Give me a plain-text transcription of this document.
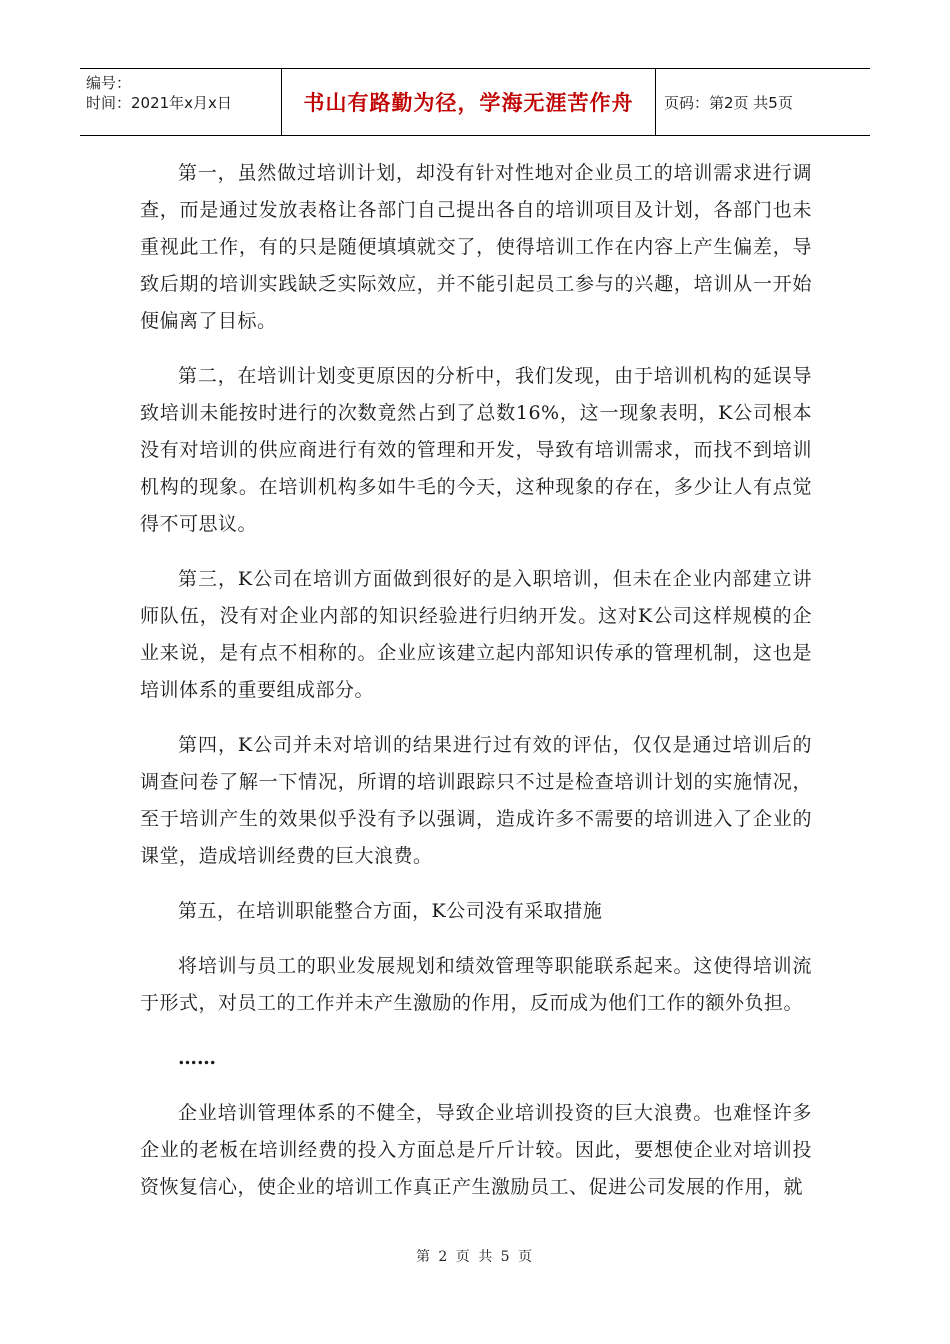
编号：
时间：2021年x月x日	书山有路勤为径，学海无涯苦作舟	页码：第2页 共5页

第一，虽然做过培训计划，却没有针对性地对企业员工的培训需求进行调查，而是通过发放表格让各部门自己提出各自的培训项目及计划，各部门也未重视此工作，有的只是随便填填就交了，使得培训工作在内容上产生偏差，导致后期的培训实践缺乏实际效应，并不能引起员工参与的兴趣，培训从一开始便偏离了目标。

第二，在培训计划变更原因的分析中，我们发现，由于培训机构的延误导致培训未能按时进行的次数竟然占到了总数16%，这一现象表明，K公司根本没有对培训的供应商进行有效的管理和开发，导致有培训需求，而找不到培训机构的现象。在培训机构多如牛毛的今天，这种现象的存在，多少让人有点觉得不可思议。

第三，K公司在培训方面做到很好的是入职培训，但未在企业内部建立讲师队伍，没有对企业内部的知识经验进行归纳开发。这对K公司这样规模的企业来说，是有点不相称的。企业应该建立起内部知识传承的管理机制，这也是培训体系的重要组成部分。

第四，K公司并未对培训的结果进行过有效的评估，仅仅是通过培训后的调查问卷了解一下情况，所谓的培训跟踪只不过是检查培训计划的实施情况，至于培训产生的效果似乎没有予以强调，造成许多不需要的培训进入了企业的课堂，造成培训经费的巨大浪费。

第五，在培训职能整合方面，K公司没有采取措施

将培训与员工的职业发展规划和绩效管理等职能联系起来。这使得培训流于形式，对员工的工作并未产生激励的作用，反而成为他们工作的额外负担。

……

企业培训管理体系的不健全，导致企业培训投资的巨大浪费。也难怪许多企业的老板在培训经费的投入方面总是斤斤计较。因此，要想使企业对培训投资恢复信心，使企业的培训工作真正产生激励员工、促进公司发展的作用，就

第 2 页 共 5 页
